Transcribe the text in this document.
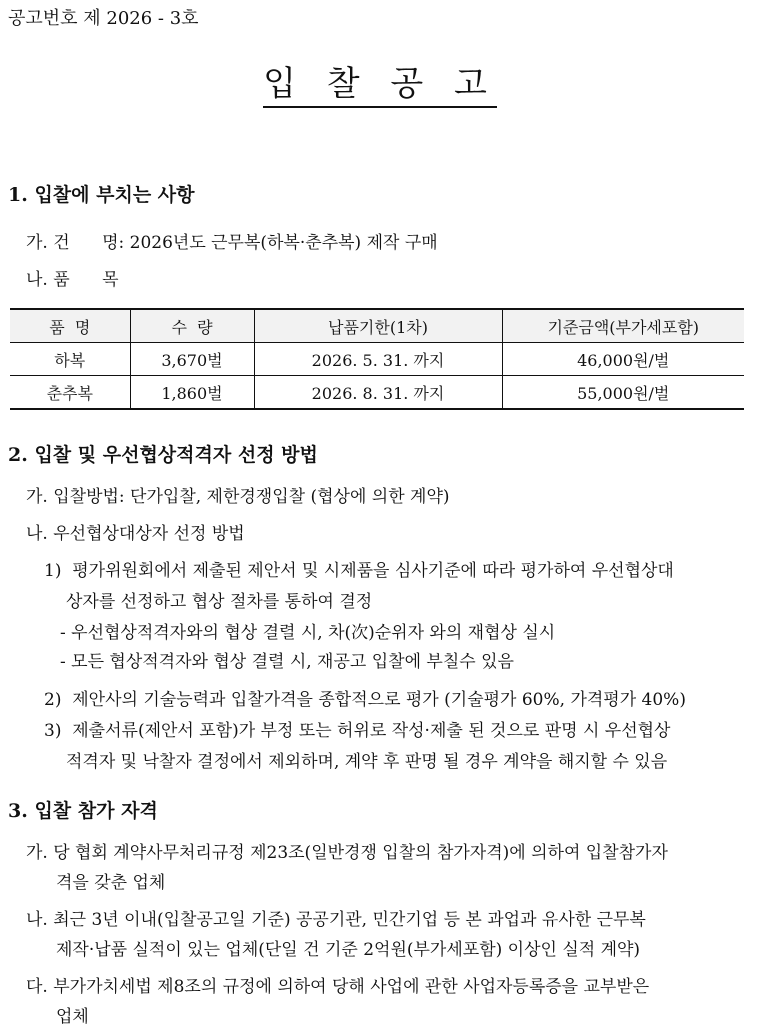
공고번호 제 2026 - 3호
입 찰 공 고
1. 입찰에 부치는 사항
가. 건      명: 2026년도 근무복(하복·춘추복) 제작 구매
나. 품      목
품  명	수  량	납품기한(1차)	기준금액(부가세포함)
하복	3,670벌	2026. 5. 31. 까지	46,000원/벌
춘추복	1,860벌	2026. 8. 31. 까지	55,000원/벌
2. 입찰 및 우선협상적격자 선정 방법
가. 입찰방법: 단가입찰, 제한경쟁입찰 (협상에 의한 계약)
나. 우선협상대상자 선정 방법
1)  평가위원회에서 제출된 제안서 및 시제품을 심사기준에 따라 평가하여 우선협상대
상자를 선정하고 협상 절차를 통하여 결정
- 우선협상적격자와의 협상 결렬 시, 차(次)순위자 와의 재협상 실시
- 모든 협상적격자와 협상 결렬 시, 재공고 입찰에 부칠수 있음
2)  제안사의 기술능력과 입찰가격을 종합적으로 평가 (기술평가 60%, 가격평가 40%)
3)  제출서류(제안서 포함)가 부정 또는 허위로 작성·제출 된 것으로 판명 시 우선협상
적격자 및 낙찰자 결정에서 제외하며, 계약 후 판명 될 경우 계약을 해지할 수 있음
3. 입찰 참가 자격
가. 당 협회 계약사무처리규정 제23조(일반경쟁 입찰의 참가자격)에 의하여 입찰참가자
격을 갖춘 업체
나. 최근 3년 이내(입찰공고일 기준) 공공기관, 민간기업 등 본 과업과 유사한 근무복
제작·납품 실적이 있는 업체(단일 건 기준 2억원(부가세포함) 이상인 실적 계약)
다. 부가가치세법 제8조의 규정에 의하여 당해 사업에 관한 사업자등록증을 교부받은
업체
